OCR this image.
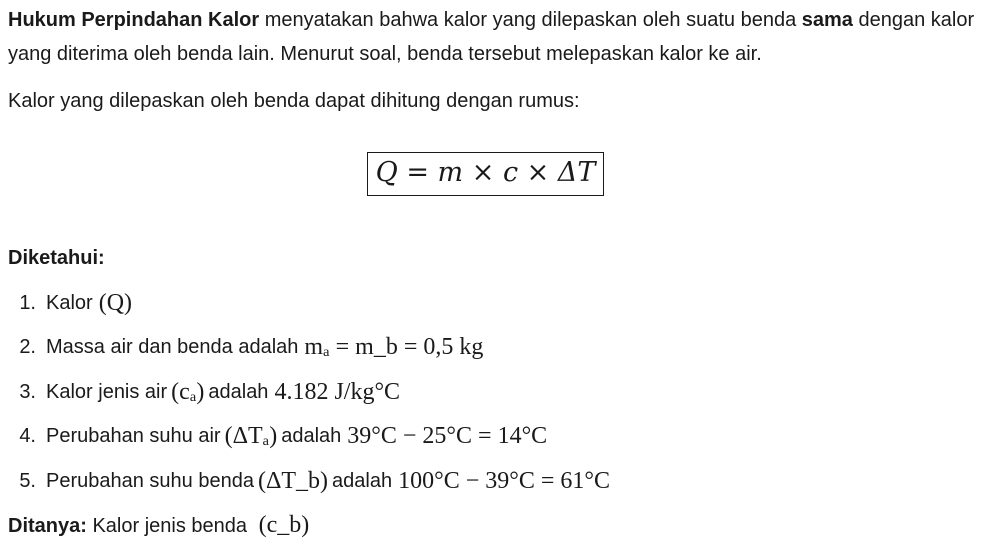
Hukum Perpindahan Kalor menyatakan bahwa kalor yang dilepaskan oleh suatu benda sama dengan kalor yang diterima oleh benda lain. Menurut soal, benda tersebut melepaskan kalor ke air.

Kalor yang dilepaskan oleh benda dapat dihitung dengan rumus:

Q = m × c × ΔT

Diketahui:

1. Kalor (Q)
2. Massa air dan benda adalah mₐ = m_b = 0,5 kg
3. Kalor jenis air (cₐ) adalah 4.182 J/kg°C
4. Perubahan suhu air (ΔTₐ) adalah 39°C − 25°C = 14°C
5. Perubahan suhu benda (ΔT_b) adalah 100°C − 39°C = 61°C
Ditanya: Kalor jenis benda (c_b)
